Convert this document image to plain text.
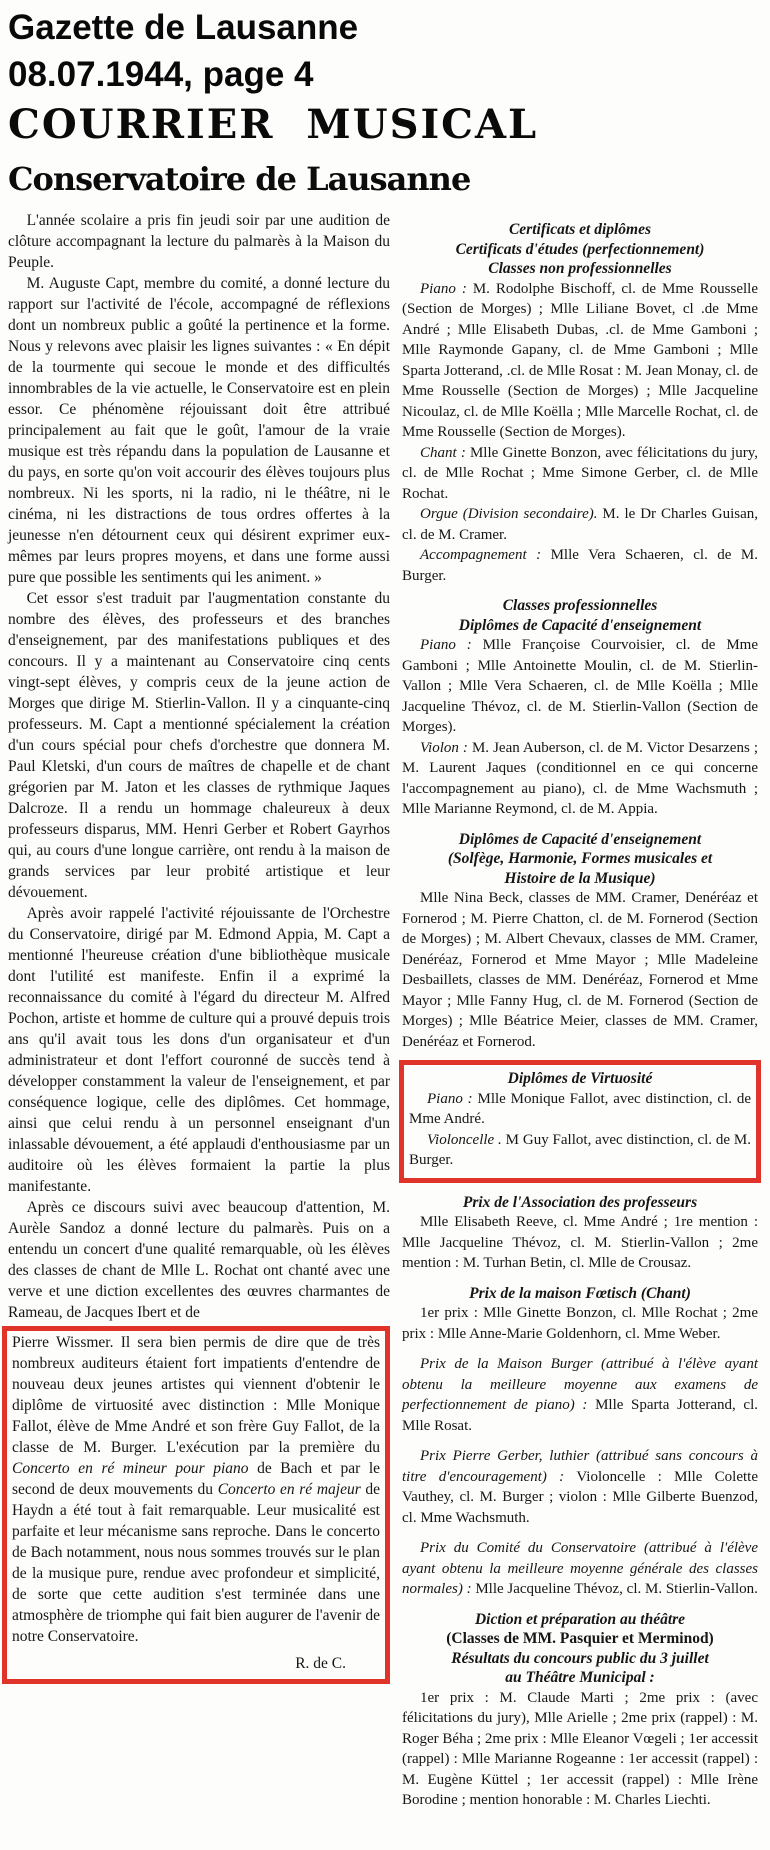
Gazette de Lausanne
08.07.1944, page 4
COURRIER MUSICAL
Conservatoire de Lausanne

L'année scolaire a pris fin jeudi soir par une audition de clôture accompagnant la lecture du palmarès à la Maison du Peuple.

M. Auguste Capt, membre du comité, a donné lecture du rapport sur l'activité de l'école, accompagné de réflexions dont un nombreux public a goûté la pertinence et la forme. Nous y relevons avec plaisir les lignes suivantes : « En dépit de la tourmente qui secoue le monde et des difficultés innombrables de la vie actuelle, le Conservatoire est en plein essor. Ce phénomène réjouissant doit être attribué principalement au fait que le goût, l'amour de la vraie musique est très répandu dans la population de Lausanne et du pays, en sorte qu'on voit accourir des élèves toujours plus nombreux. Ni les sports, ni la radio, ni le théâtre, ni le cinéma, ni les distractions de tous ordres offertes à la jeunesse n'en détournent ceux qui désirent exprimer eux-mêmes par leurs propres moyens, et dans une forme aussi pure que possible les sentiments qui les animent. »

Cet essor s'est traduit par l'augmentation constante du nombre des élèves, des professeurs et des branches d'enseignement, par des manifestations publiques et des concours. Il y a maintenant au Conservatoire cinq cents vingt-sept élèves, y compris ceux de la jeune action de Morges que dirige M. Stierlin-Vallon. Il y a cinquante-cinq professeurs. M. Capt a mentionné spécialement la création d'un cours spécial pour chefs d'orchestre que donnera M. Paul Kletski, d'un cours de maîtres de chapelle et de chant grégorien par M. Jaton et les classes de rythmique Jaques Dalcroze. Il a rendu un hommage chaleureux à deux professeurs disparus, MM. Henri Gerber et Robert Gayrhos qui, au cours d'une longue carrière, ont rendu à la maison de grands services par leur probité artistique et leur dévouement.

Après avoir rappelé l'activité réjouissante de l'Orchestre du Conservatoire, dirigé par M. Edmond Appia, M. Capt a mentionné l'heureuse création d'une bibliothèque musicale dont l'utilité est manifeste. Enfin il a exprimé la reconnaissance du comité à l'égard du directeur M. Alfred Pochon, artiste et homme de culture qui a prouvé depuis trois ans qu'il avait tous les dons d'un organisateur et d'un administrateur et dont l'effort couronné de succès tend à développer constamment la valeur de l'enseignement, et par conséquence logique, celle des diplômes. Cet hommage, ainsi que celui rendu à un personnel enseignant d'un inlassable dévouement, a été applaudi d'enthousiasme par un auditoire où les élèves formaient la partie la plus manifestante.

Après ce discours suivi avec beaucoup d'attention, M. Aurèle Sandoz a donné lecture du palmarès. Puis on a entendu un concert d'une qualité remarquable, où les élèves des classes de chant de Mlle L. Rochat ont chanté avec une verve et une diction excellentes des œuvres charmantes de Rameau, de Jacques Ibert et de

Pierre Wissmer. Il sera bien permis de dire que de très nombreux auditeurs étaient fort impatients d'entendre de nouveau deux jeunes artistes qui viennent d'obtenir le diplôme de virtuosité avec distinction : Mlle Monique Fallot, élève de Mme André et son frère Guy Fallot, de la classe de M. Burger. L'exécution par la première du Concerto en ré mineur pour piano de Bach et par le second de deux mouvements du Concerto en ré majeur de Haydn a été tout à fait remarquable. Leur musicalité est parfaite et leur mécanisme sans reproche. Dans le concerto de Bach notamment, nous nous sommes trouvés sur le plan de la musique pure, rendue avec profondeur et simplicité, de sorte que cette audition s'est terminée dans une atmosphère de triomphe qui fait bien augurer de l'avenir de notre Conservatoire.

R. de C.
Certificats et diplômes
Certificats d'études (perfectionnement)
Classes non professionnelles

Piano : M. Rodolphe Bischoff, cl. de Mme Rousselle (Section de Morges) ; Mlle Liliane Bovet, cl .de Mme André ; Mlle Elisabeth Dubas, .cl. de Mme Gamboni ; Mlle Raymonde Gapany, cl. de Mme Gamboni ; Mlle Sparta Jotterand, .cl. de Mlle Rosat : M. Jean Monay, cl. de Mme Rousselle (Section de Morges) ; Mlle Jacqueline Nicoulaz, cl. de Mlle Koëlla ; Mlle Marcelle Rochat, cl. de Mme Rousselle (Section de Morges).

Chant : Mlle Ginette Bonzon, avec félicitations du jury, cl. de Mlle Rochat ; Mme Simone Gerber, cl. de Mlle Rochat.

Orgue (Division secondaire). M. le Dr Charles Guisan, cl. de M. Cramer.

Accompagnement : Mlle Vera Schaeren, cl. de M. Burger.

Classes professionnelles
Diplômes de Capacité d'enseignement

Piano : Mlle Françoise Courvoisier, cl. de Mme Gamboni ; Mlle Antoinette Moulin, cl. de M. Stierlin-Vallon ; Mlle Vera Schaeren, cl. de Mlle Koëlla ; Mlle Jacqueline Thévoz, cl. de M. Stierlin-Vallon (Section de Morges).

Violon : M. Jean Auberson, cl. de M. Victor Desarzens ; M. Laurent Jaques (conditionnel en ce qui concerne l'accompagnement au piano), cl. de Mme Wachsmuth ; Mlle Marianne Reymond, cl. de M. Appia.

Diplômes de Capacité d'enseignement
(Solfège, Harmonie, Formes musicales et
Histoire de la Musique)

Mlle Nina Beck, classes de MM. Cramer, Denéréaz et Fornerod ; M. Pierre Chatton, cl. de M. Fornerod (Section de Morges) ; M. Albert Chevaux, classes de MM. Cramer, Denéréaz, Fornerod et Mme Mayor ; Mlle Madeleine Desbaillets, classes de MM. Denéréaz, Fornerod et Mme Mayor ; Mlle Fanny Hug, cl. de M. Fornerod (Section de Morges) ; Mlle Béatrice Meier, classes de MM. Cramer, Denéréaz et Fornerod.

Diplômes de Virtuosité

Piano : Mlle Monique Fallot, avec distinction, cl. de Mme André.

Violoncelle . M Guy Fallot, avec distinction, cl. de M. Burger.

Prix de l'Association des professeurs

Mlle Elisabeth Reeve, cl. Mme André ; 1re mention : Mlle Jacqueline Thévoz, cl. M. Stierlin-Vallon ; 2me mention : M. Turhan Betin, cl. Mlle de Crousaz.

Prix de la maison Fœtisch (Chant)

1er prix : Mlle Ginette Bonzon, cl. Mlle Rochat ; 2me prix : Mlle Anne-Marie Goldenhorn, cl. Mme Weber.

Prix de la Maison Burger (attribué à l'élève ayant obtenu la meilleure moyenne aux examens de perfectionnement de piano) : Mlle Sparta Jotterand, cl. Mlle Rosat.

Prix Pierre Gerber, luthier (attribué sans concours à titre d'encouragement) : Violoncelle : Mlle Colette Vauthey, cl. M. Burger ; violon : Mlle Gilberte Buenzod, cl. Mme Wachsmuth.

Prix du Comité du Conservatoire (attribué à l'élève ayant obtenu la meilleure moyenne générale des classes normales) : Mlle Jacqueline Thévoz, cl. M. Stierlin-Vallon.

Diction et préparation au théâtre
(Classes de MM. Pasquier et Merminod)
Résultats du concours public du 3 juillet
au Théâtre Municipal :

1er prix : M. Claude Marti ; 2me prix : (avec félicitations du jury), Mlle Arielle ; 2me prix (rappel) : M. Roger Béha ; 2me prix : Mlle Eleanor Vœgeli ; 1er accessit (rappel) : Mlle Marianne Rogeanne : 1er accessit (rappel) : M. Eugène Küttel ; 1er accessit (rappel) : Mlle Irène Borodine ; mention honorable : M. Charles Liechti.
